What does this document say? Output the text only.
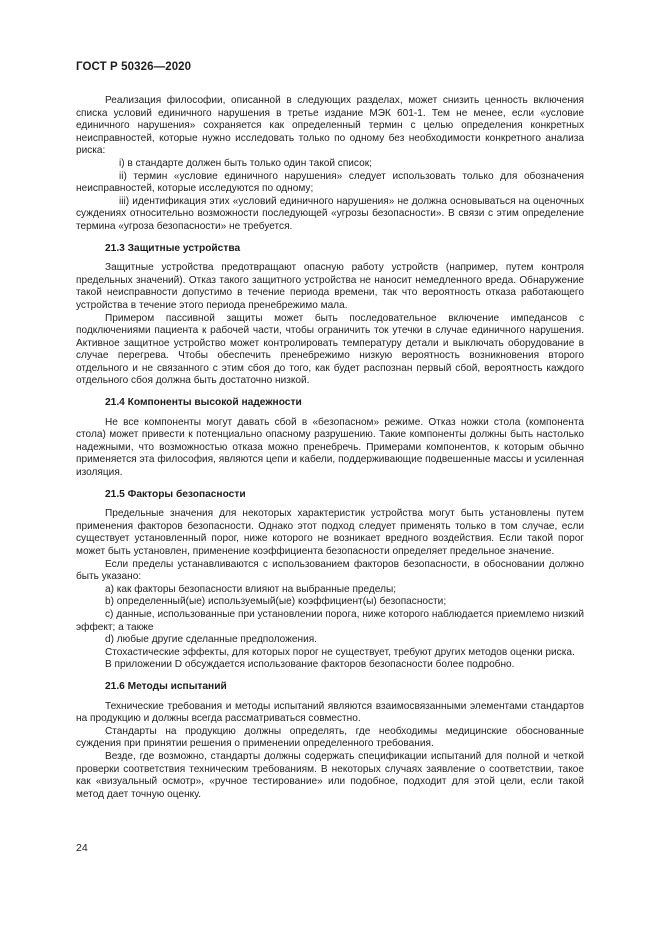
ГОСТ Р 50326—2020

Реализация философии, описанной в следующих разделах, может снизить ценность включения списка условий единичного нарушения в третье издание МЭК 601-1. Тем не менее, если «условие единичного нарушения» сохраняется как определенный термин с целью определения конкретных неисправностей, которые нужно исследовать только по одному без необходимости конкретного анализа риска:

i) в стандарте должен быть только один такой список;

ii) термин «условие единичного нарушения» следует использовать только для обозначения неисправностей, которые исследуются по одному;

iii) идентификация этих «условий единичного нарушения» не должна основываться на оценочных суждениях относительно возможности последующей «угрозы безопасности». В связи с этим определение термина «угроза безопасности» не требуется.

21.3 Защитные устройства

Защитные устройства предотвращают опасную работу устройств (например, путем контроля предельных значений). Отказ такого защитного устройства не наносит немедленного вреда. Обнаружение такой неисправности допустимо в течение периода времени, так что вероятность отказа работающего устройства в течение этого периода пренебрежимо мала.

Примером пассивной защиты может быть последовательное включение импедансов с подключениями пациента к рабочей части, чтобы ограничить ток утечки в случае единичного нарушения. Активное защитное устройство может контролировать температуру детали и выключать оборудование в случае перегрева. Чтобы обеспечить пренебрежимо низкую вероятность возникновения второго отдельного и не связанного с этим сбоя до того, как будет распознан первый сбой, вероятность каждого отдельного сбоя должна быть достаточно низкой.

21.4 Компоненты высокой надежности

Не все компоненты могут давать сбой в «безопасном» режиме. Отказ ножки стола (компонента стола) может привести к потенциально опасному разрушению. Такие компоненты должны быть настолько надежными, что возможностью отказа можно пренебречь. Примерами компонентов, к которым обычно применяется эта философия, являются цепи и кабели, поддерживающие подвешенные массы и усиленная изоляция.

21.5 Факторы безопасности

Предельные значения для некоторых характеристик устройства могут быть установлены путем применения факторов безопасности. Однако этот подход следует применять только в том случае, если существует установленный порог, ниже которого не возникает вредного воздействия. Если такой порог может быть установлен, применение коэффициента безопасности определяет предельное значение.

Если пределы устанавливаются с использованием факторов безопасности, в обосновании должно быть указано:

a) как факторы безопасности влияют на выбранные пределы;

b) определенный(ые) используемый(ые) коэффициент(ы) безопасности;

c) данные, использованные при установлении порога, ниже которого наблюдается приемлемо низкий эффект; а также

d) любые другие сделанные предположения.

Стохастические эффекты, для которых порог не существует, требуют других методов оценки риска.

В приложении D обсуждается использование факторов безопасности более подробно.

21.6 Методы испытаний

Технические требования и методы испытаний являются взаимосвязанными элементами стандартов на продукцию и должны всегда рассматриваться совместно.

Стандарты на продукцию должны определять, где необходимы медицинские обоснованные суждения при принятии решения о применении определенного требования.

Везде, где возможно, стандарты должны содержать спецификации испытаний для полной и четкой проверки соответствия техническим требованиям. В некоторых случаях заявление о соответствии, такое как «визуальный осмотр», «ручное тестирование» или подобное, подходит для этой цели, если такой метод дает точную оценку.

24
